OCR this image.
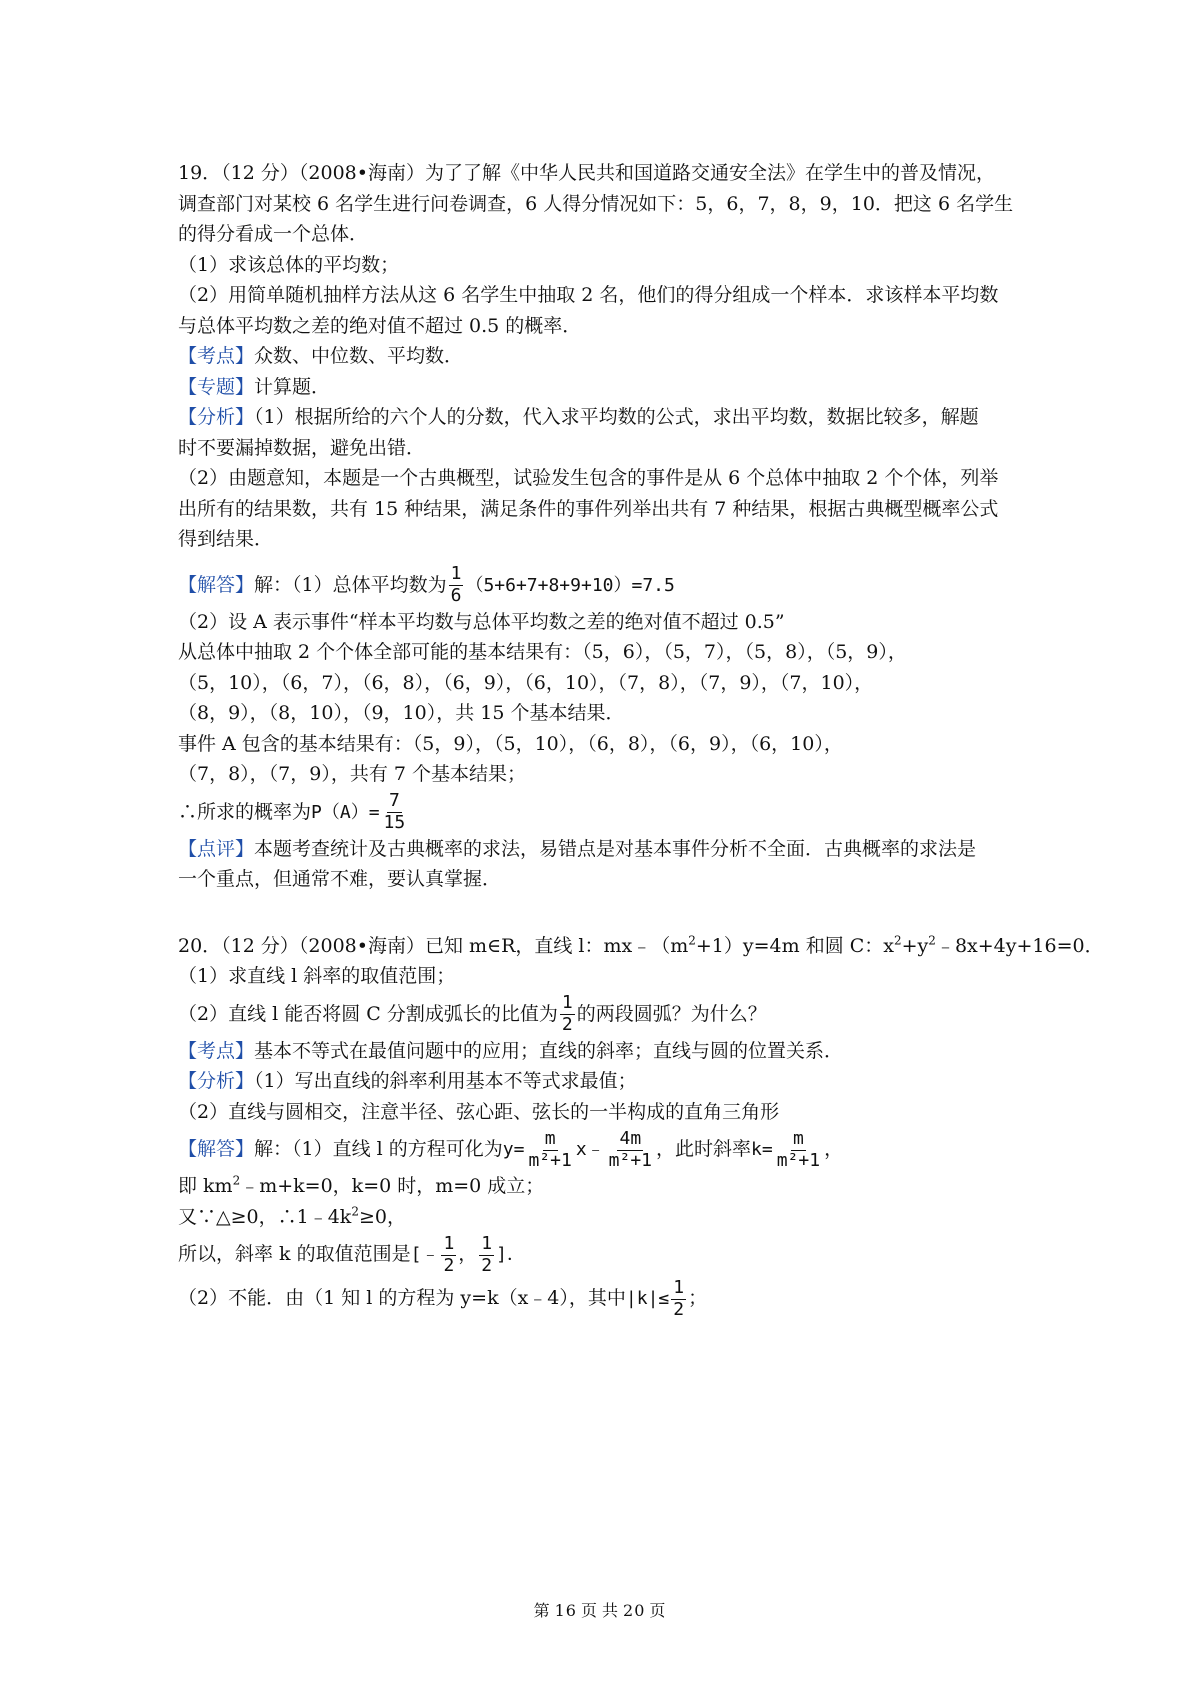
19．（12 分）（2008•海南）为了了解《中华人民共和国道路交通安全法》在学生中的普及情况，
调查部门对某校 6 名学生进行问卷调查，6 人得分情况如下：5，6，7，8，9，10．把这 6 名学生
的得分看成一个总体．
（1）求该总体的平均数；
（2）用简单随机抽样方法从这 6 名学生中抽取 2 名，他们的得分组成一个样本．求该样本平均数
与总体平均数之差的绝对值不超过 0.5 的概率．
【考点】众数、中位数、平均数．
【专题】计算题．
【分析】（1）根据所给的六个人的分数，代入求平均数的公式，求出平均数，数据比较多，解题
时不要漏掉数据，避免出错．
（2）由题意知，本题是一个古典概型，试验发生包含的事件是从 6 个总体中抽取 2 个个体，列举
出所有的结果数，共有 15 种结果，满足条件的事件列举出共有 7 种结果，根据古典概型概率公式
得到结果．
【解答】解：（1）总体平均数为 $\frac{1}{6} (5+6+7+8+9+10)=7.5$
（2）设 A 表示事件“样本平均数与总体平均数之差的绝对值不超过 0.5”
从总体中抽取 2 个个体全部可能的基本结果有：（5，6），（5，7），（5，8），（5，9），
（5，10），（6，7），（6，8），（6，9），（6，10），（7，8），（7，9），（7，10），
（8，9），（8，10），（9，10），共 15 个基本结果．
事件 A 包含的基本结果有：（5，9），（5，10），（6，8），（6，9），（6，10），
（7，8），（7，9），共有 7 个基本结果；
∴所求的概率为$P(A)= \frac{7}{15}$
【点评】本题考查统计及古典概率的求法，易错点是对基本事件分析不全面．古典概率的求法是
一个重点，但通常不难，要认真掌握．
20．（12 分）（2008•海南）已知 m∈R，直线 l：$mx﹣(m^2+1)y=4m$ 和圆 C：$x^2+y^2﹣8x+4y+16=0$．
（1）求直线 l 斜率的取值范围；
（2）直线 l 能否将圆 C 分割成弧长的比值为 $\frac{1}{2}$ 的两段圆弧？为什么？
【考点】基本不等式在最值问题中的应用；直线的斜率；直线与圆的位置关系．
【分析】（1）写出直线的斜率利用基本不等式求最值；
（2）直线与圆相交，注意半径、弦心距、弦长的一半构成的直角三角形
【解答】解：（1）直线 l 的方程可化为$y= \frac{m}{\text{m²+1}}$ x﹣ $\frac{4m}{\text{m²+1}}$ ，此时斜率$k= \frac{m}{\text{m²+1}}$ ，
即 $km^2﹣m+k=0$，k=0 时，m=0 成立；
又∵△≥0，$\therefore 1﹣4k^2\ge 0$，
所以，斜率 k 的取值范围是[﹣ $\frac{1}{2}$ ， $\frac{1}{2}$ ]．
（2）不能．由（1 知 l 的方程为 y=k（x﹣4），其中$|k|\le \frac{1}{2}$ ；
第 16 页 共 20 页
